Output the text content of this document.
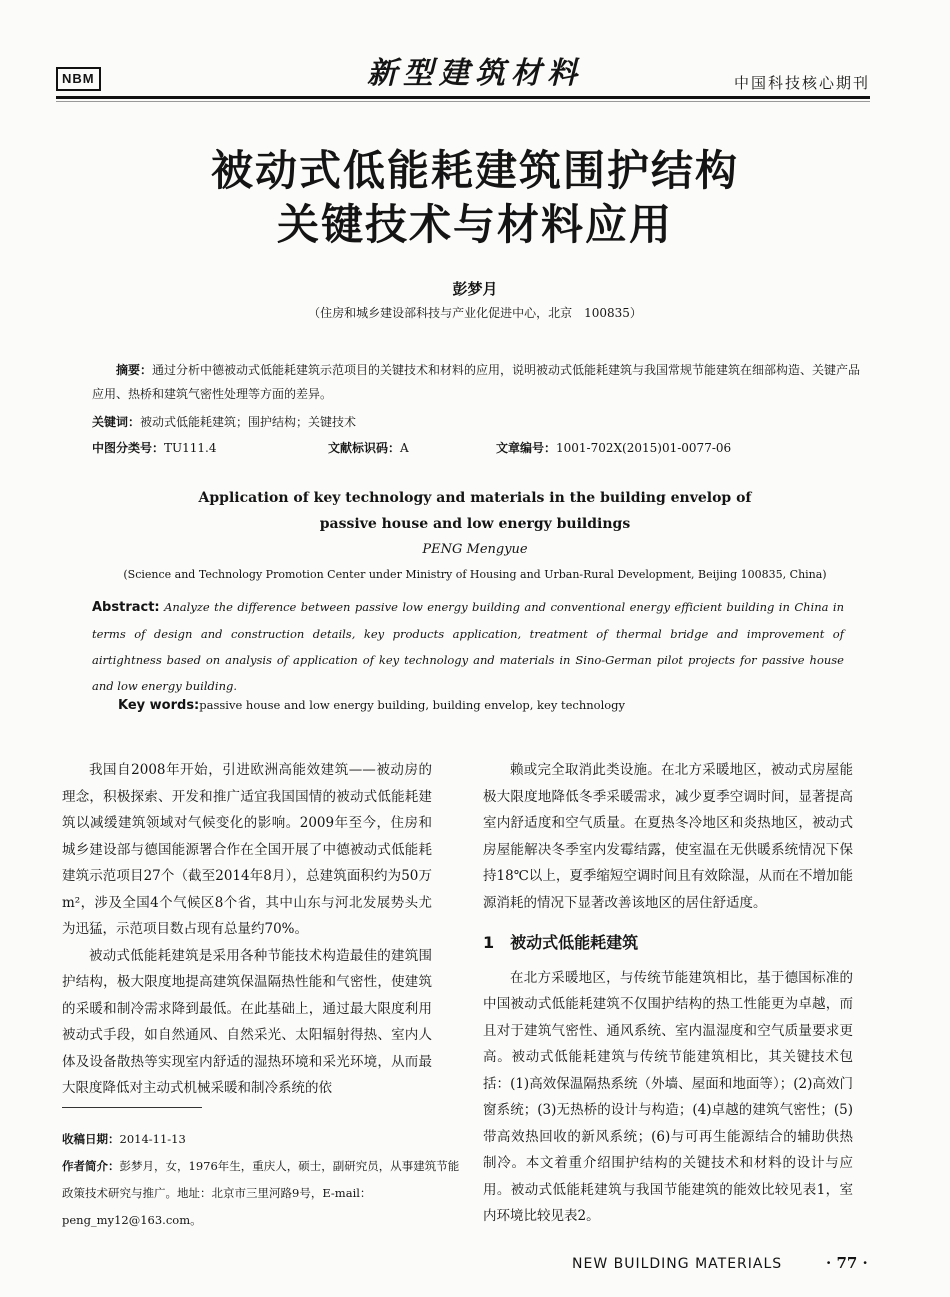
NBM	新型建筑材料	中国科技核心期刊
被动式低能耗建筑围护结构
关键技术与材料应用
彭梦月
（住房和城乡建设部科技与产业化促进中心，北京　100835）
摘要：通过分析中德被动式低能耗建筑示范项目的关键技术和材料的应用，说明被动式低能耗建筑与我国常规节能建筑在细部构造、关键产品应用、热桥和建筑气密性处理等方面的差异。
关键词：被动式低能耗建筑；围护结构；关键技术
中图分类号： TU111.4	文献标识码： A	文章编号： 1001-702X(2015)01-0077-06
Application of key technology and materials in the building envelop of
passive house and low energy buildings
PENG Mengyue
(Science and Technology Promotion Center under Ministry of Housing and Urban-Rural Development, Beijing 100835, China)
Abstract: Analyze the difference between passive low energy building and conventional energy efficient building in China in terms of design and construction details, key products application, treatment of thermal bridge and improvement of airtightness based on analysis of application of key technology and materials in Sino-German pilot projects for passive house and low energy building.
Key words:passive house and low energy building, building envelop, key technology

我国自2008年开始，引进欧洲高能效建筑——被动房的理念，积极探索、开发和推广适宜我国国情的被动式低能耗建筑以减缓建筑领域对气候变化的影响。2009年至今，住房和城乡建设部与德国能源署合作在全国开展了中德被动式低能耗建筑示范项目27个（截至2014年8月），总建筑面积约为50万m²，涉及全国4个气候区8个省，其中山东与河北发展势头尤为迅猛，示范项目数占现有总量约70%。

被动式低能耗建筑是采用各种节能技术构造最佳的建筑围护结构，极大限度地提高建筑保温隔热性能和气密性，使建筑的采暖和制冷需求降到最低。在此基础上，通过最大限度利用被动式手段，如自然通风、自然采光、太阳辐射得热、室内人体及设备散热等实现室内舒适的湿热环境和采光环境，从而最大限度降低对主动式机械采暖和制冷系统的依

赖或完全取消此类设施。在北方采暖地区，被动式房屋能极大限度地降低冬季采暖需求，减少夏季空调时间，显著提高室内舒适度和空气质量。在夏热冬冷地区和炎热地区，被动式房屋能解决冬季室内发霉结露，使室温在无供暖系统情况下保持18℃以上，夏季缩短空调时间且有效除湿，从而在不增加能源消耗的情况下显著改善该地区的居住舒适度。

1 被动式低能耗建筑

在北方采暖地区，与传统节能建筑相比，基于德国标准的中国被动式低能耗建筑不仅围护结构的热工性能更为卓越，而且对于建筑气密性、通风系统、室内温湿度和空气质量要求更高。被动式低能耗建筑与传统节能建筑相比，其关键技术包括：(1)高效保温隔热系统（外墙、屋面和地面等）；(2)高效门窗系统；(3)无热桥的设计与构造；(4)卓越的建筑气密性；(5)带高效热回收的新风系统；(6)与可再生能源结合的辅助供热制冷。本文着重介绍围护结构的关键技术和材料的设计与应用。被动式低能耗建筑与我国节能建筑的能效比较见表1，室内环境比较见表2。

收稿日期：2014-11-13
作者简介：彭梦月，女，1976年生，重庆人，硕士，副研究员，从事建筑节能政策技术研究与推广。地址：北京市三里河路9号，E-mail：peng_my12@163.com。
NEW BUILDING MATERIALS	· 77 ·
